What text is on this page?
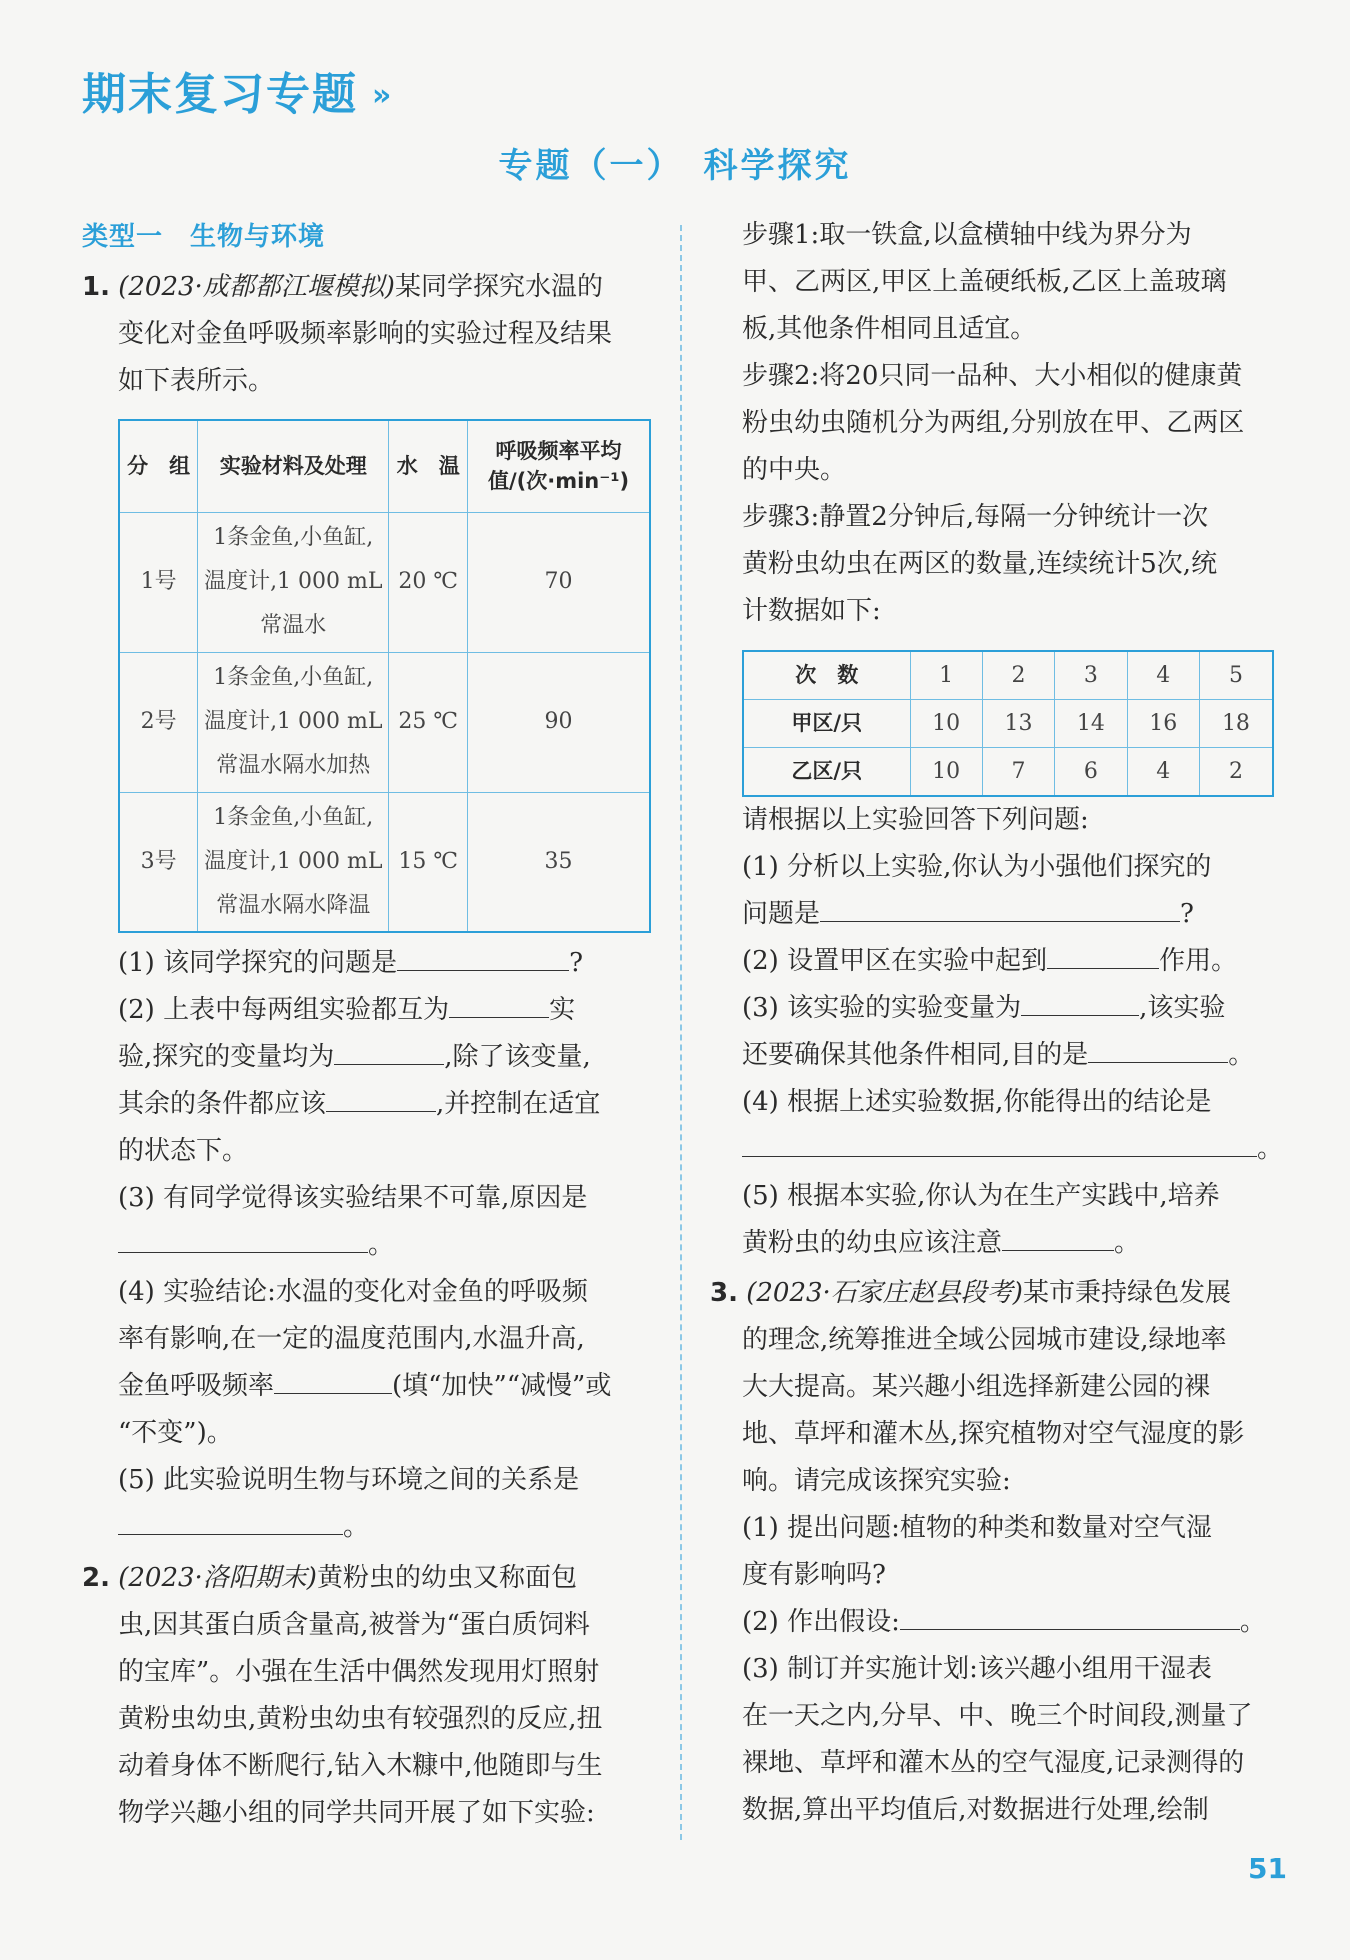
期末复习专题 »
专题（一）　科学探究
类型一　生物与环境
1. (2023·成都都江堰模拟)某同学探究水温的
变化对金鱼呼吸频率影响的实验过程及结果
如下表所示。
分　组	实验材料及处理	水　温	呼吸频率平均
值/(次·min⁻¹)

1号	1条金鱼,小鱼缸,
温度计,1 000 mL
常温水	20 ℃	70
2号	1条金鱼,小鱼缸,
温度计,1 000 mL
常温水隔水加热	25 ℃	90
3号	1条金鱼,小鱼缸,
温度计,1 000 mL
常温水隔水降温	15 ℃	35
(1) 该同学探究的问题是	?
(2) 上表中每两组实验都互为	实
验,探究的变量均为	,除了该变量,
其余的条件都应该	,并控制在适宜
的状态下。
(3) 有同学觉得该实验结果不可靠,原因是
。
(4) 实验结论:水温的变化对金鱼的呼吸频
率有影响,在一定的温度范围内,水温升高,
金鱼呼吸频率	(填“加快”“减慢”或
“不变”)。
(5) 此实验说明生物与环境之间的关系是
。
2. (2023·洛阳期末)黄粉虫的幼虫又称面包
虫,因其蛋白质含量高,被誉为“蛋白质饲料
的宝库”。小强在生活中偶然发现用灯照射
黄粉虫幼虫,黄粉虫幼虫有较强烈的反应,扭
动着身体不断爬行,钻入木糠中,他随即与生
物学兴趣小组的同学共同开展了如下实验:
步骤1:取一铁盒,以盒横轴中线为界分为
甲、乙两区,甲区上盖硬纸板,乙区上盖玻璃
板,其他条件相同且适宜。
步骤2:将20只同一品种、大小相似的健康黄
粉虫幼虫随机分为两组,分别放在甲、乙两区
的中央。
步骤3:静置2分钟后,每隔一分钟统计一次
黄粉虫幼虫在两区的数量,连续统计5次,统
计数据如下:
次　数	1	2	3	4	5
甲区/只	10	13	14	16	18
乙区/只	10	7	6	4	2
请根据以上实验回答下列问题:
(1) 分析以上实验,你认为小强他们探究的
问题是	?
(2) 设置甲区在实验中起到	作用。
(3) 该实验的实验变量为	,该实验
还要确保其他条件相同,目的是	。
(4) 根据上述实验数据,你能得出的结论是
。
(5) 根据本实验,你认为在生产实践中,培养
黄粉虫的幼虫应该注意	。
3. (2023·石家庄赵县段考)某市秉持绿色发展
的理念,统筹推进全域公园城市建设,绿地率
大大提高。某兴趣小组选择新建公园的裸
地、草坪和灌木丛,探究植物对空气湿度的影
响。请完成该探究实验:
(1) 提出问题:植物的种类和数量对空气湿
度有影响吗?
(2) 作出假设:	。
(3) 制订并实施计划:该兴趣小组用干湿表
在一天之内,分早、中、晚三个时间段,测量了
裸地、草坪和灌木丛的空气湿度,记录测得的
数据,算出平均值后,对数据进行处理,绘制
51
